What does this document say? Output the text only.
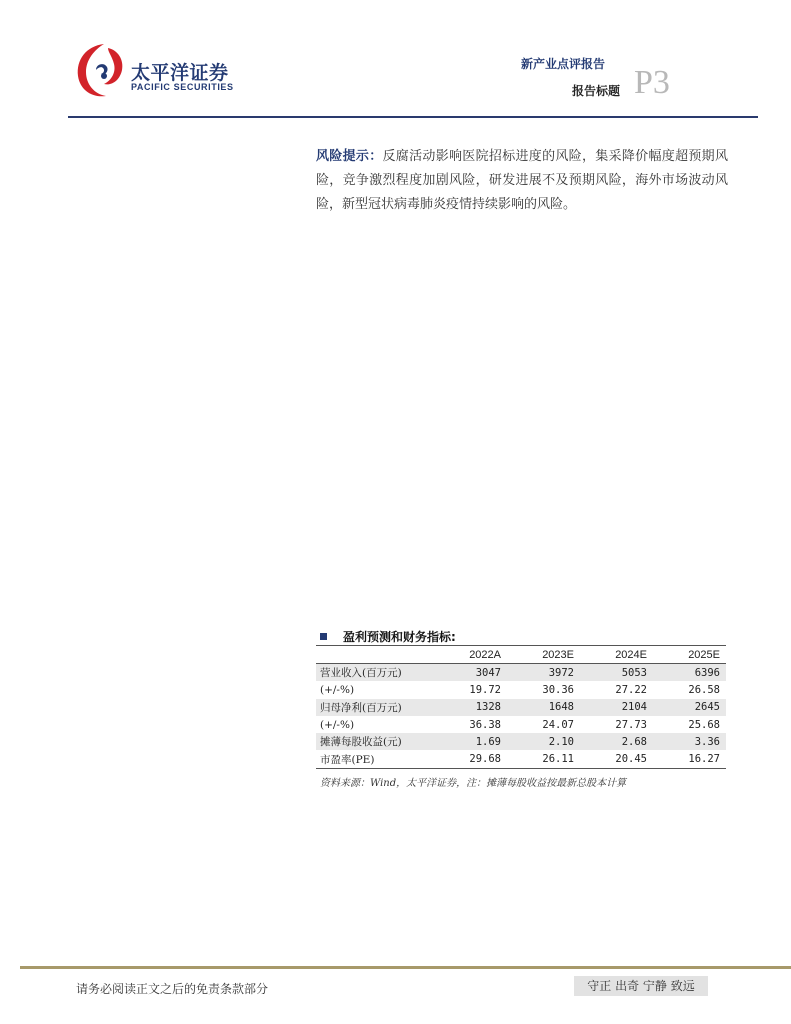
太平洋证券
PACIFIC SECURITIES
新产业点评报告
报告标题 P3
风险提示：反腐活动影响医院招标进度的风险，集采降价幅度超预期风险，竞争激烈程度加剧风险，研发进展不及预期风险，海外市场波动风险，新型冠状病毒肺炎疫情持续影响的风险。
盈利预测和财务指标:
	2022A	2023E	2024E	2025E
营业收入(百万元)	3047	3972	5053	6396
(+/-%)	19.72	30.36	27.22	26.58
归母净利(百万元)	1328	1648	2104	2645
(+/-%)	36.38	24.07	27.73	25.68
摊薄每股收益(元)	1.69	2.10	2.68	3.36
市盈率(PE)	29.68	26.11	20.45	16.27
资料来源：Wind，太平洋证券，注：摊薄每股收益按最新总股本计算
请务必阅读正文之后的免责条款部分	守正 出奇 宁静 致远
